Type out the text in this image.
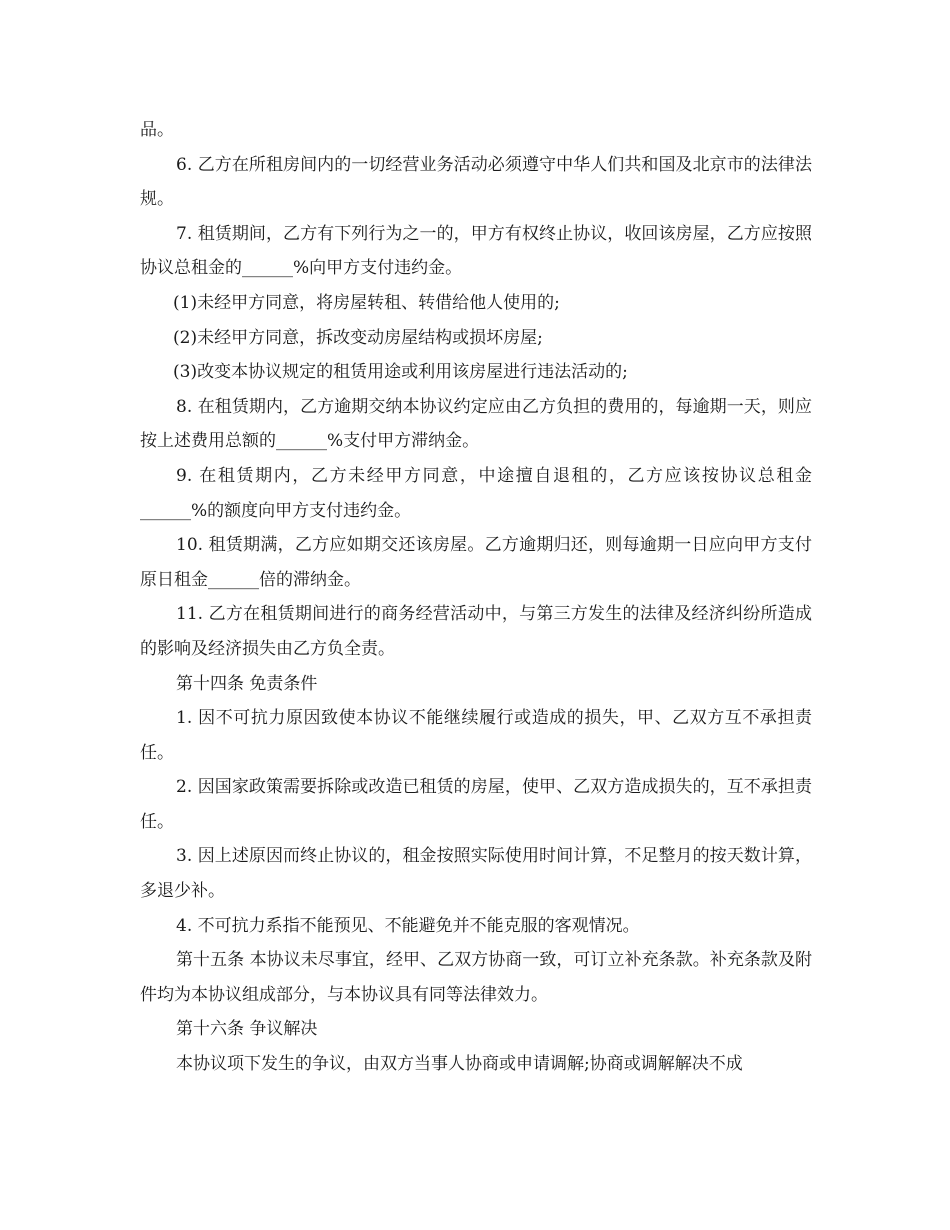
品。

6. 乙方在所租房间内的一切经营业务活动必须遵守中华人们共和国及北京市的法律法规。

7. 租赁期间，乙方有下列行为之一的，甲方有权终止协议，收回该房屋，乙方应按照协议总租金的______%向甲方支付违约金。

(1)未经甲方同意，将房屋转租、转借给他人使用的;

(2)未经甲方同意，拆改变动房屋结构或损坏房屋;

(3)改变本协议规定的租赁用途或利用该房屋进行违法活动的;

8. 在租赁期内，乙方逾期交纳本协议约定应由乙方负担的费用的，每逾期一天，则应按上述费用总额的______%支付甲方滞纳金。

9. 在租赁期内，乙方未经甲方同意，中途擅自退租的，乙方应该按协议总租金______%的额度向甲方支付违约金。

10. 租赁期满，乙方应如期交还该房屋。乙方逾期归还，则每逾期一日应向甲方支付原日租金______倍的滞纳金。

11. 乙方在租赁期间进行的商务经营活动中，与第三方发生的法律及经济纠纷所造成的影响及经济损失由乙方负全责。

第十四条 免责条件

1. 因不可抗力原因致使本协议不能继续履行或造成的损失，甲、乙双方互不承担责任。

2. 因国家政策需要拆除或改造已租赁的房屋，使甲、乙双方造成损失的，互不承担责任。

3. 因上述原因而终止协议的，租金按照实际使用时间计算，不足整月的按天数计算，多退少补。

4. 不可抗力系指不能预见、不能避免并不能克服的客观情况。

第十五条 本协议未尽事宜，经甲、乙双方协商一致，可订立补充条款。补充条款及附件均为本协议组成部分，与本协议具有同等法律效力。

第十六条 争议解决

本协议项下发生的争议，由双方当事人协商或申请调解;协商或调解解决不成
